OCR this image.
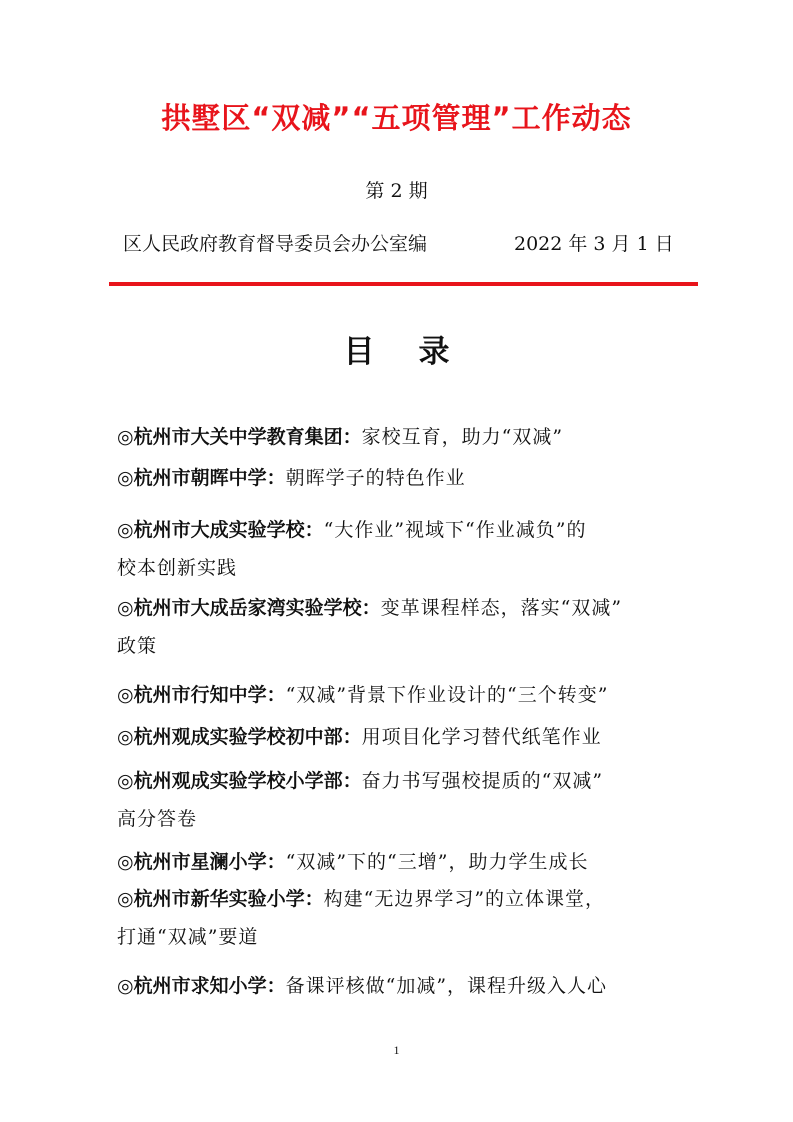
拱墅区“双减”“五项管理”工作动态
第 2 期
区人民政府教育督导委员会办公室编	2022 年 3 月 1 日
目录
◎杭州市大关中学教育集团：家校互育，助力“双减”
◎杭州市朝晖中学：朝晖学子的特色作业
◎杭州市大成实验学校：“大作业”视域下“作业减负”的
校本创新实践
◎杭州市大成岳家湾实验学校：变革课程样态，落实“双减”
政策
◎杭州市行知中学：“双减”背景下作业设计的“三个转变”
◎杭州观成实验学校初中部：用项目化学习替代纸笔作业
◎杭州观成实验学校小学部：奋力书写强校提质的“双减”
高分答卷
◎杭州市星澜小学：“双减”下的“三增”，助力学生成长
◎杭州市新华实验小学：构建“无边界学习”的立体课堂，
打通“双减”要道
◎杭州市求知小学：备课评核做“加减”，课程升级入人心
1
